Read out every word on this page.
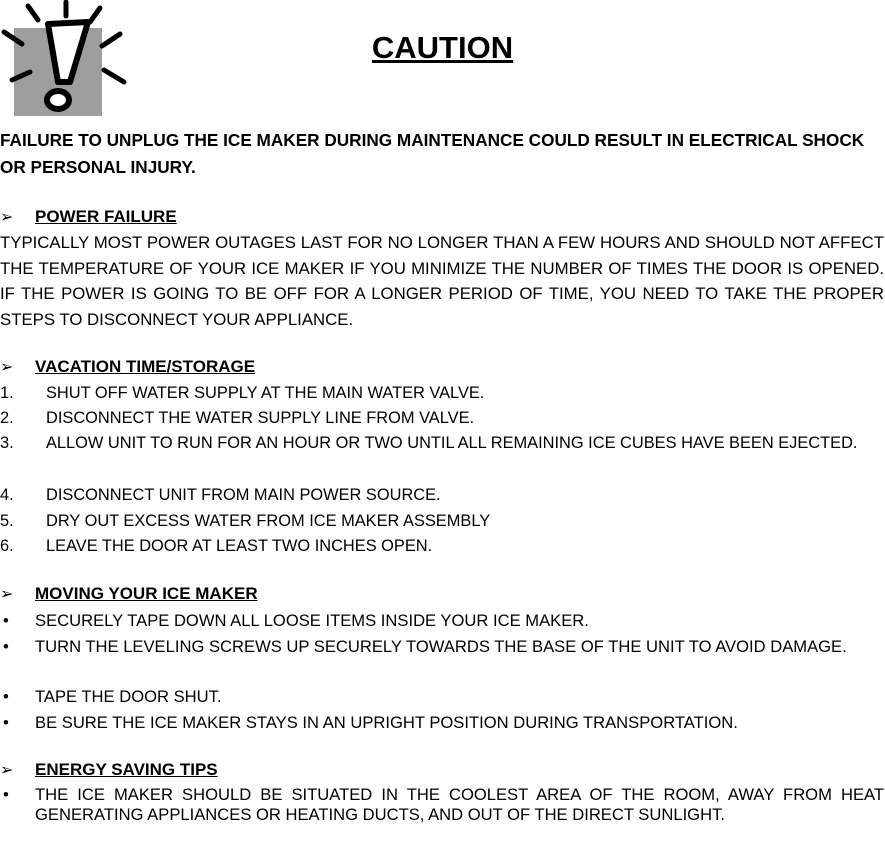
CAUTION

FAILURE TO UNPLUG THE ICE MAKER DURING MAINTENANCE COULD RESULT IN ELECTRICAL SHOCK OR PERSONAL INJURY.

➢ POWER FAILURE

TYPICALLY MOST POWER OUTAGES LAST FOR NO LONGER THAN A FEW HOURS AND SHOULD NOT AFFECT THE TEMPERATURE OF YOUR ICE MAKER IF YOU MINIMIZE THE NUMBER OF TIMES THE DOOR IS OPENED. IF THE POWER IS GOING TO BE OFF FOR A LONGER PERIOD OF TIME, YOU NEED TO TAKE THE PROPER STEPS TO DISCONNECT YOUR APPLIANCE.

➢ VACATION TIME/STORAGE
1. SHUT OFF WATER SUPPLY AT THE MAIN WATER VALVE.
2. DISCONNECT THE WATER SUPPLY LINE FROM VALVE.
3. ALLOW UNIT TO RUN FOR AN HOUR OR TWO UNTIL ALL REMAINING ICE CUBES HAVE BEEN EJECTED.
4. DISCONNECT UNIT FROM MAIN POWER SOURCE.
5. DRY OUT EXCESS WATER FROM ICE MAKER ASSEMBLY
6. LEAVE THE DOOR AT LEAST TWO INCHES OPEN.
➢ MOVING YOUR ICE MAKER
• SECURELY TAPE DOWN ALL LOOSE ITEMS INSIDE YOUR ICE MAKER.
• TURN THE LEVELING SCREWS UP SECURELY TOWARDS THE BASE OF THE UNIT TO AVOID DAMAGE.
• TAPE THE DOOR SHUT.
• BE SURE THE ICE MAKER STAYS IN AN UPRIGHT POSITION DURING TRANSPORTATION.
➢ ENERGY SAVING TIPS
• THE ICE MAKER SHOULD BE SITUATED IN THE COOLEST AREA OF THE ROOM, AWAY FROM HEAT GENERATING APPLIANCES OR HEATING DUCTS, AND OUT OF THE DIRECT SUNLIGHT.
